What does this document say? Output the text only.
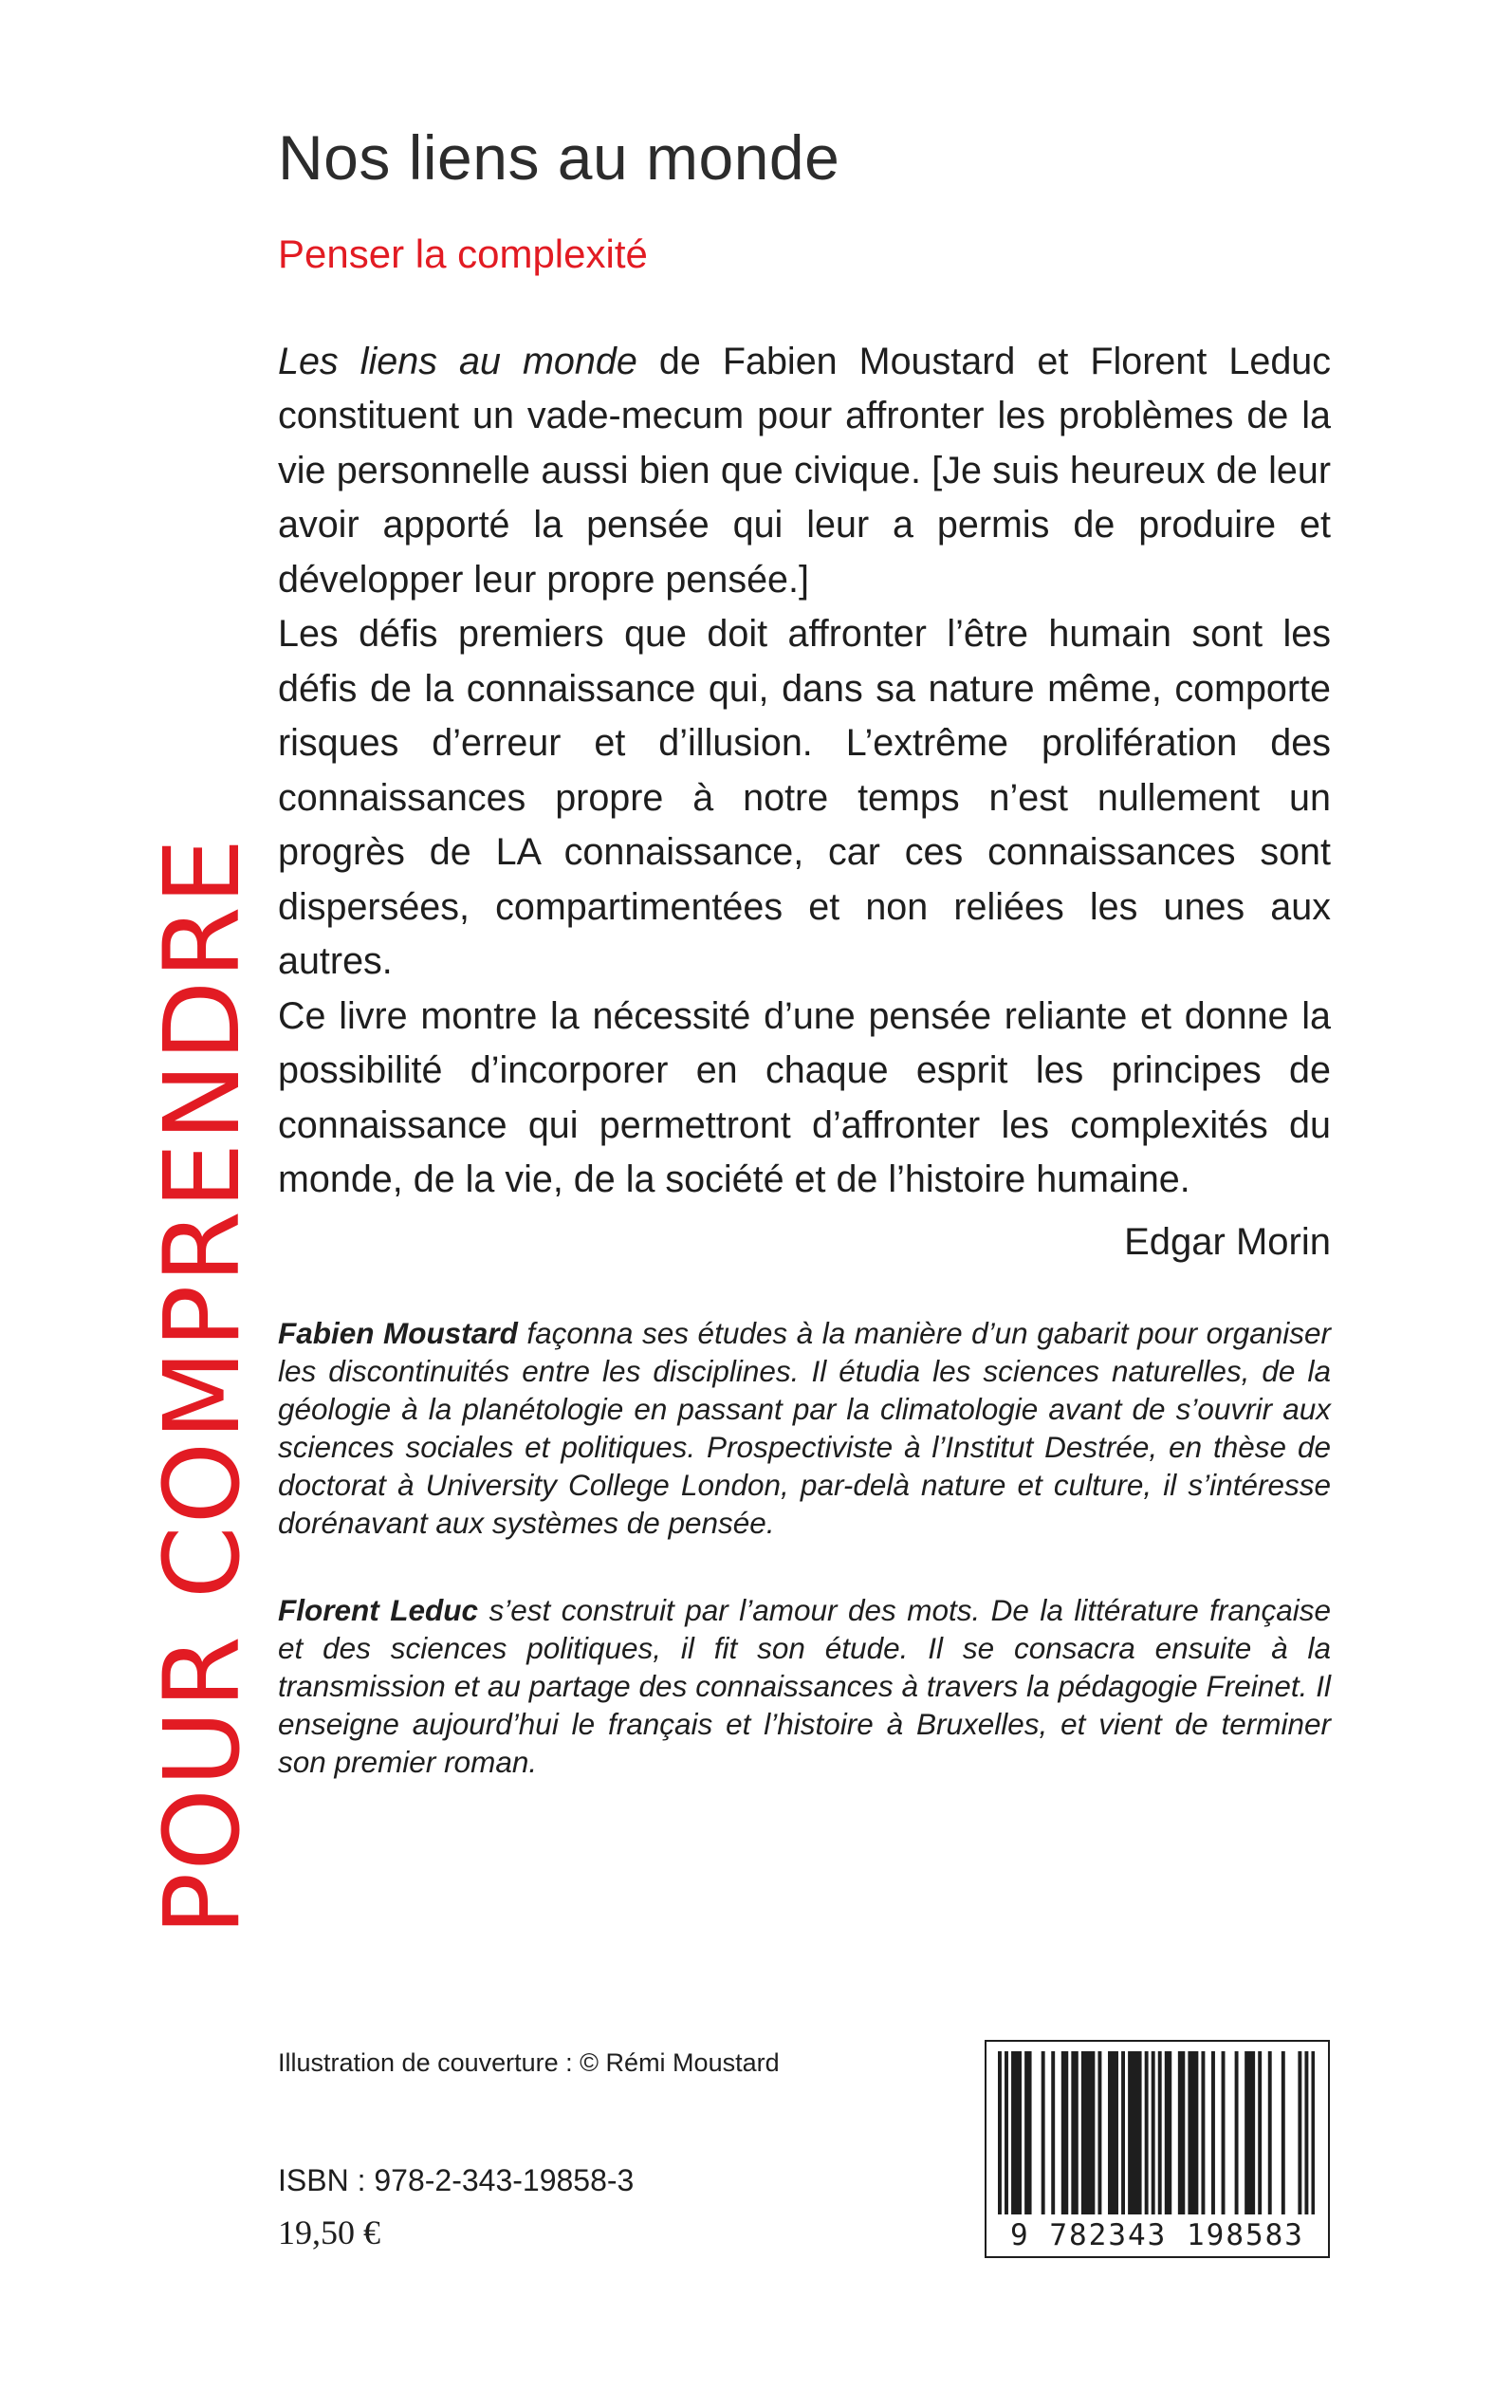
POUR COMPRENDRE
Nos liens au monde
Penser la complexité

Les liens au monde de Fabien Moustard et Florent Leduc constituent un vade-mecum pour affronter les problèmes de la vie personnelle aussi bien que civique. [Je suis heureux de leur avoir apporté la pensée qui leur a permis de produire et développer leur propre pensée.]

Les défis premiers que doit affronter l’être humain sont les défis de la connaissance qui, dans sa nature même, comporte risques d’erreur et d’illusion. L’extrême prolifération des connaissances propre à notre temps n’est nullement un progrès de LA connaissance, car ces connaissances sont dispersées, compartimentées et non reliées les unes aux autres.

Ce livre montre la nécessité d’une pensée reliante et donne la possibilité d’incorporer en chaque esprit les principes de connaissance qui permettront d’affronter les complexités du monde, de la vie, de la société et de l’histoire humaine.

Edgar Morin

Fabien Moustard façonna ses études à la manière d’un gabarit pour organiser les discontinuités entre les disciplines. Il étudia les sciences naturelles, de la géologie à la planétologie en passant par la climatologie avant de s’ouvrir aux sciences sociales et politiques. Prospectiviste à l’Institut Destrée, en thèse de doctorat à University College London, par-delà nature et culture, il s’intéresse dorénavant aux systèmes de pensée.

Florent Leduc s’est construit par l’amour des mots. De la littérature française et des sciences politiques, il fit son étude. Il se consacra ensuite à la transmission et au partage des connaissances à travers la pédagogie Freinet. Il enseigne aujourd’hui le français et l’histoire à Bruxelles, et vient de terminer son premier roman.

Illustration de couverture : © Rémi Moustard
ISBN : 978-2-343-19858-3
19,50 €	9 782343 198583
